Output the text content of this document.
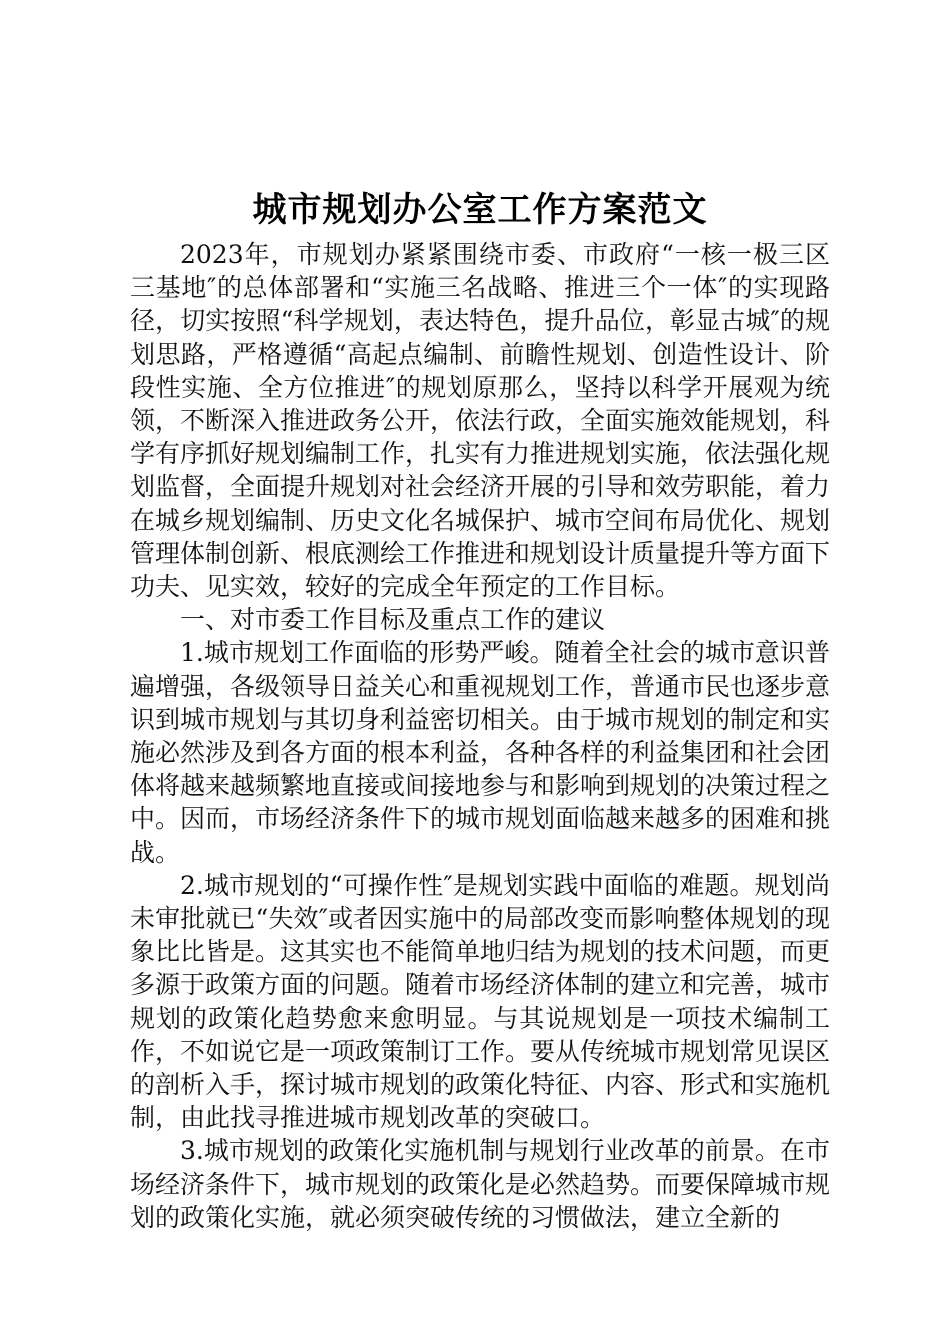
城市规划办公室工作方案范文

2023年，市规划办紧紧围绕市委、市政府“一核一极三区三基地″的总体部署和“实施三名战略、推进三个一体″的实现路径，切实按照“科学规划，表达特色，提升品位，彰显古城″的规划思路，严格遵循“高起点编制、前瞻性规划、创造性设计、阶段性实施、全方位推进″的规划原那么，坚持以科学开展观为统领，不断深入推进政务公开，依法行政，全面实施效能规划，科学有序抓好规划编制工作，扎实有力推进规划实施，依法强化规划监督，全面提升规划对社会经济开展的引导和效劳职能，着力在城乡规划编制、历史文化名城保护、城市空间布局优化、规划管理体制创新、根底测绘工作推进和规划设计质量提升等方面下功夫、见实效，较好的完成全年预定的工作目标。

一、对市委工作目标及重点工作的建议

1.城市规划工作面临的形势严峻。随着全社会的城市意识普遍增强，各级领导日益关心和重视规划工作，普通市民也逐步意识到城市规划与其切身利益密切相关。由于城市规划的制定和实施必然涉及到各方面的根本利益，各种各样的利益集团和社会团体将越来越频繁地直接或间接地参与和影响到规划的决策过程之中。因而，市场经济条件下的城市规划面临越来越多的困难和挑战。

2.城市规划的“可操作性″是规划实践中面临的难题。规划尚未审批就已“失效″或者因实施中的局部改变而影响整体规划的现象比比皆是。这其实也不能简单地归结为规划的技术问题，而更多源于政策方面的问题。随着市场经济体制的建立和完善，城市规划的政策化趋势愈来愈明显。与其说规划是一项技术编制工作，不如说它是一项政策制订工作。要从传统城市规划常见误区的剖析入手，探讨城市规划的政策化特征、内容、形式和实施机制，由此找寻推进城市规划改革的突破口。

3.城市规划的政策化实施机制与规划行业改革的前景。在市场经济条件下，城市规划的政策化是必然趋势。而要保障城市规划的政策化实施，就必须突破传统的习惯做法，建立全新的
